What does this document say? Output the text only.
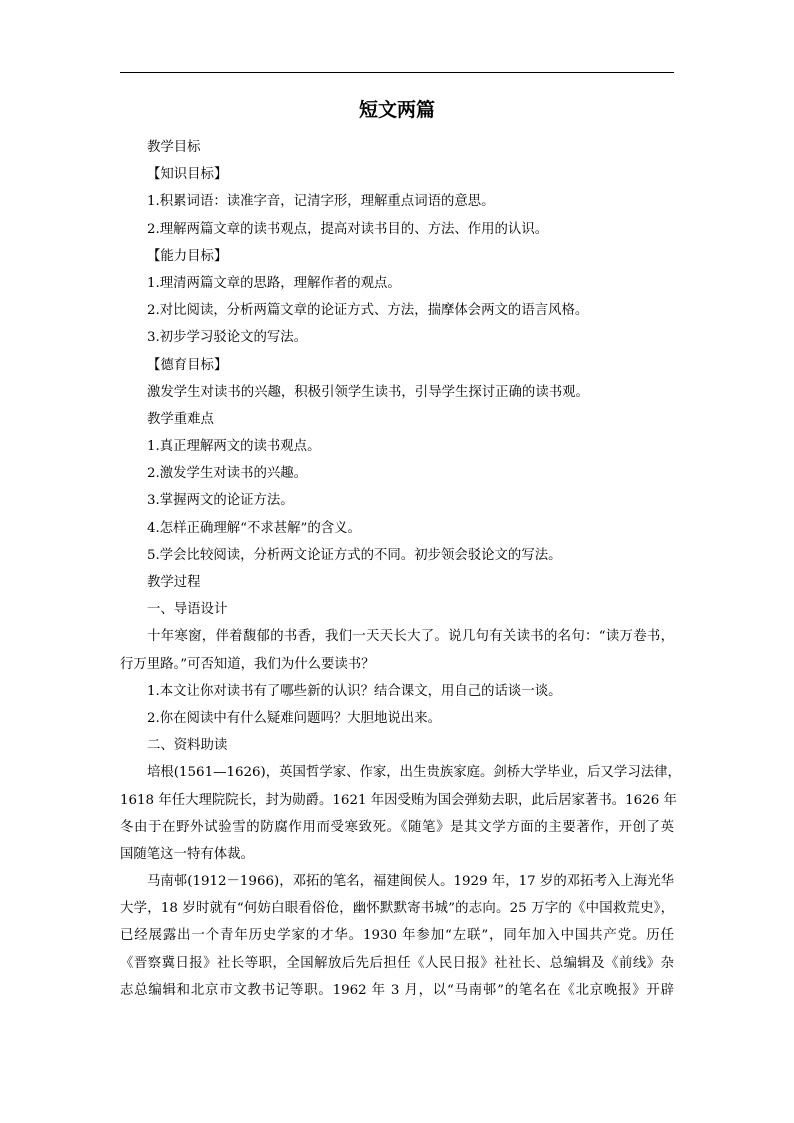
短文两篇
教学目标
【知识目标】
1.积累词语：读准字音，记清字形，理解重点词语的意思。
2.理解两篇文章的读书观点，提高对读书目的、方法、作用的认识。
【能力目标】
1.理清两篇文章的思路，理解作者的观点。
2.对比阅读，分析两篇文章的论证方式、方法，揣摩体会两文的语言风格。
3.初步学习驳论文的写法。
【德育目标】
激发学生对读书的兴趣，积极引领学生读书，引导学生探讨正确的读书观。
教学重难点
1.真正理解两文的读书观点。
2.激发学生对读书的兴趣。
3.掌握两文的论证方法。
4.怎样正确理解“不求甚解”的含义。
5.学会比较阅读，分析两文论证方式的不同。初步领会驳论文的写法。
教学过程
一、导语设计
十年寒窗，伴着馥郁的书香，我们一天天长大了。说几句有关读书的名句：“读万卷书，
行万里路。”可否知道，我们为什么要读书？
1.本文让你对读书有了哪些新的认识？结合课文，用自己的话谈一谈。
2.你在阅读中有什么疑难问题吗？大胆地说出来。
二、资料助读
培根(1561—1626)，英国哲学家、作家，出生贵族家庭。剑桥大学毕业，后又学习法律，
1618 年任大理院院长，封为勋爵。1621 年因受贿为国会弹劾去职，此后居家著书。1626 年
冬由于在野外试验雪的防腐作用而受寒致死。《随笔》是其文学方面的主要著作，开创了英
国随笔这一特有体裁。
马南邨(1912－1966)，邓拓的笔名，福建闽侯人。1929 年，17 岁的邓拓考入上海光华
大学，18 岁时就有“何妨白眼看俗伧，幽怀默默寄书城”的志向。25 万字的《中国救荒史》，
已经展露出一个青年历史学家的才华。1930 年参加“左联”，同年加入中国共产党。历任
《晋察冀日报》社长等职，全国解放后先后担任《人民日报》社社长、总编辑及《前线》杂
志总编辑和北京市文教书记等职。1962 年 3 月，以“马南邨”的笔名在《北京晚报》开辟
